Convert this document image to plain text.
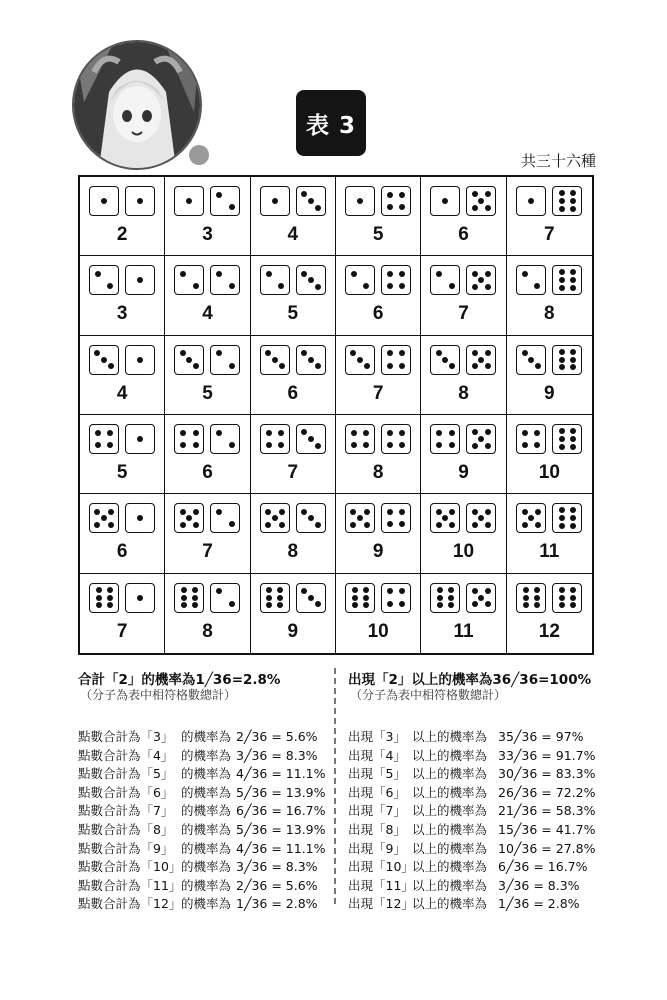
表 3
共三十六種
2	3	4	5	6	7
3	4	5	6	7	8
4	5	6	7	8	9
5	6	7	8	9	10
6	7	8	9	10	11
7	8	9	10	11	12
合計「2」的機率為1╱36=2.8%
（分子為表中相符格數總計）
點數合計為「3」 的機率為 2╱36 = 5.6%
點數合計為「4」 的機率為 3╱36 = 8.3%
點數合計為「5」 的機率為 4╱36 = 11.1%
點數合計為「6」 的機率為 5╱36 = 13.9%
點數合計為「7」 的機率為 6╱36 = 16.7%
點數合計為「8」 的機率為 5╱36 = 13.9%
點數合計為「9」 的機率為 4╱36 = 11.1%
點數合計為「10」 的機率為 3╱36 = 8.3%
點數合計為「11」 的機率為 2╱36 = 5.6%
點數合計為「12」 的機率為 1╱36 = 2.8%
出現「2」以上的機率為36╱36=100%
（分子為表中相符格數總計）
出現「3」 以上的機率為 35╱36 = 97%
出現「4」 以上的機率為 33╱36 = 91.7%
出現「5」 以上的機率為 30╱36 = 83.3%
出現「6」 以上的機率為 26╱36 = 72.2%
出現「7」 以上的機率為 21╱36 = 58.3%
出現「8」 以上的機率為 15╱36 = 41.7%
出現「9」 以上的機率為 10╱36 = 27.8%
出現「10」
以上的機率為 6╱36 = 16.7%
出現「11」
以上的機率為 3╱36 = 8.3%
出現「12」
以上的機率為 1╱36 = 2.8%
